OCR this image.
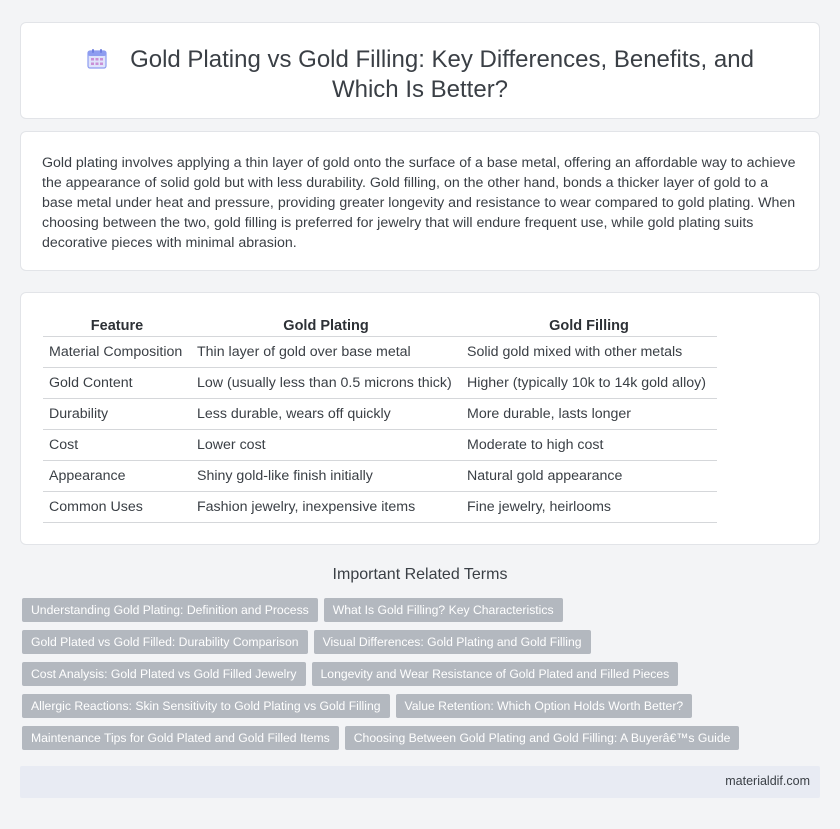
Gold Plating vs Gold Filling: Key Differences, Benefits, and Which Is Better?

Gold plating involves applying a thin layer of gold onto the surface of a base metal, offering an affordable way to achieve the appearance of solid gold but with less durability. Gold filling, on the other hand, bonds a thicker layer of gold to a base metal under heat and pressure, providing greater longevity and resistance to wear compared to gold plating. When choosing between the two, gold filling is preferred for jewelry that will endure frequent use, while gold plating suits decorative pieces with minimal abrasion.

Feature	Gold Plating	Gold Filling
Material Composition	Thin layer of gold over base metal	Solid gold mixed with other metals
Gold Content	Low (usually less than 0.5 microns thick)	Higher (typically 10k to 14k gold alloy)
Durability	Less durable, wears off quickly	More durable, lasts longer
Cost	Lower cost	Moderate to high cost
Appearance	Shiny gold-like finish initially	Natural gold appearance
Common Uses	Fashion jewelry, inexpensive items	Fine jewelry, heirlooms
Important Related Terms
Understanding Gold Plating: Definition and Process What Is Gold Filling? Key Characteristics
Gold Plated vs Gold Filled: Durability Comparison Visual Differences: Gold Plating and Gold Filling
Cost Analysis: Gold Plated vs Gold Filled Jewelry Longevity and Wear Resistance of Gold Plated and Filled Pieces
Allergic Reactions: Skin Sensitivity to Gold Plating vs Gold Filling Value Retention: Which Option Holds Worth Better?
Maintenance Tips for Gold Plated and Gold Filled Items Choosing Between Gold Plating and Gold Filling: A Buyerâ€™s Guide
materialdif.com
